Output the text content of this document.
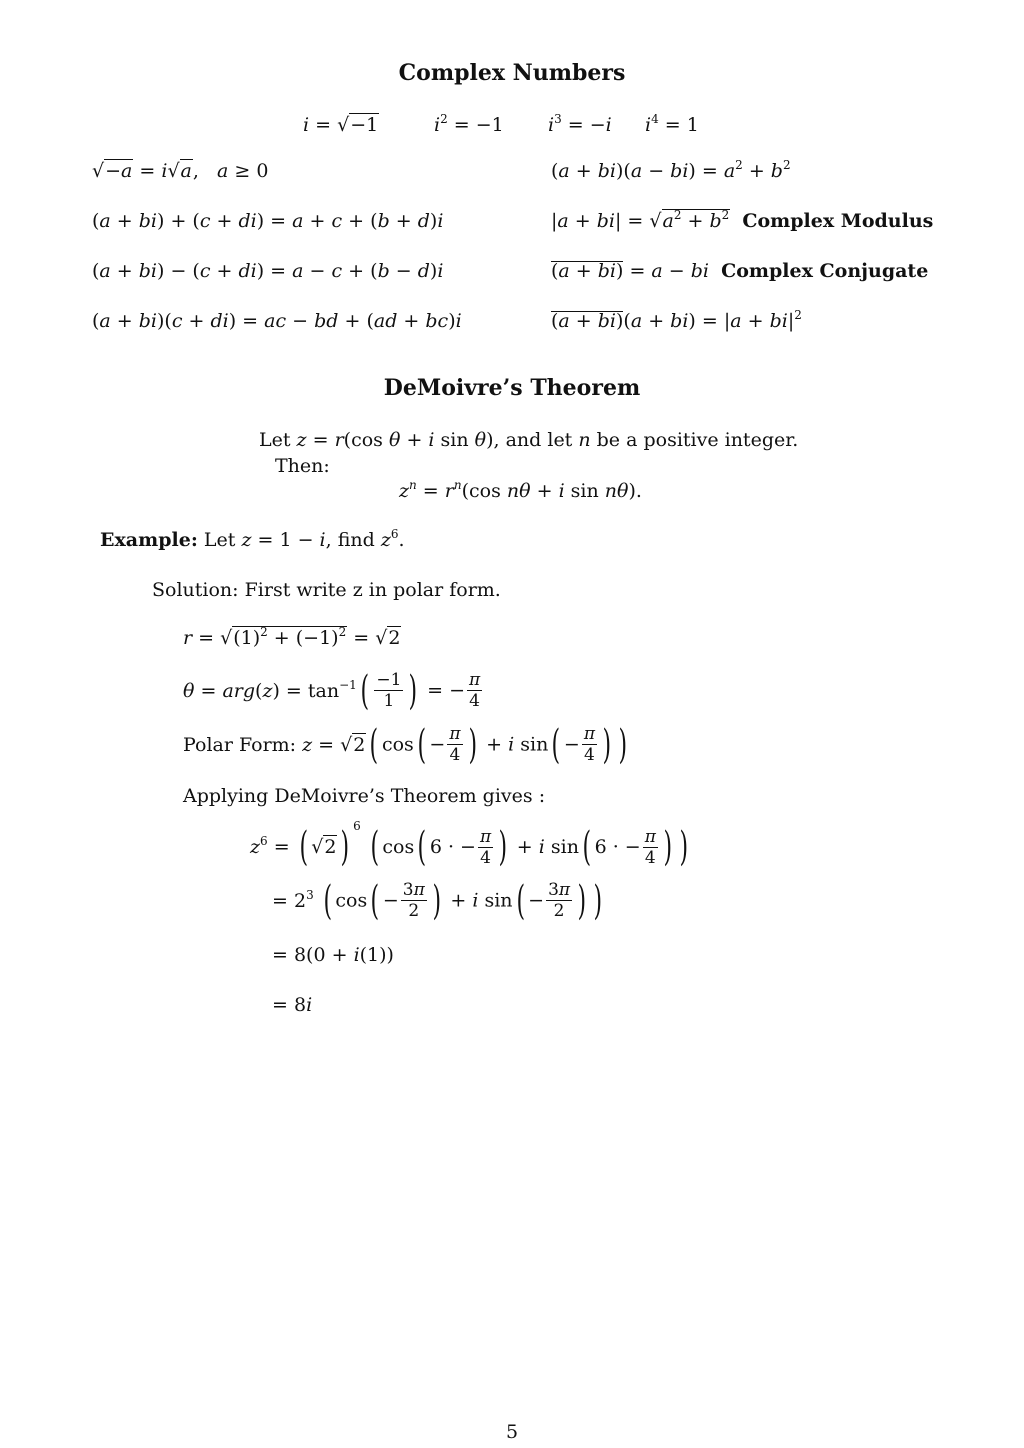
Complex Numbers
i = √−1	$i^2 = -1$ $i^3 = -i$ $i^4 = 1$
√−a = i√a,   a ≥ 0
(a + bi) + (c + di) = a + c + (b + d)i
(a + bi) − (c + di) = a − c + (b − d)i
(a + bi)(c + di) = ac − bd + (ad + bc)i
$(a + bi)(a - bi) = a^2 + b^2$
$|a + bi| = √a^2 + b^2$ Complex Modulus
(a + bi) = a − bi Complex Conjugate
$(a + bi)(a + bi) = |a + bi|^2$
DeMoivre’s Theorem
Let z = r(cos θ + i sin θ), and let n be a positive integer.
Then:
$z^n = r^n(\cos$ nθ + i sin nθ).
Example: Let z = 1 − i, find $z^6$.
Solution: First write z in polar form.
$r = √(1)^2 + (-1)^2 = √2$
$\theta = arg(z) = \tan^{-1}( \frac{-1}{1}$ ) = − $\frac{\pi}{4}$
Polar Form: z = √2 ( $\cos( - \frac{\pi}{4}$ ) + i $\sin( - \frac{\pi}{4}$ ) )
Applying DeMoivre’s Theorem gives :
$z^6$ = ( √2 ) $^6$ ( cos( 6 · − $\frac{\pi}{4}$ ) + i sin( 6 · − $\frac{\pi}{4}$ ) )
= $2^3$ ( $\cos( - \frac{3\pi}{2}$ ) + i $\sin( - \frac{3\pi}{2}$ ) )
= 8(0 + i(1))
= 8i
5
